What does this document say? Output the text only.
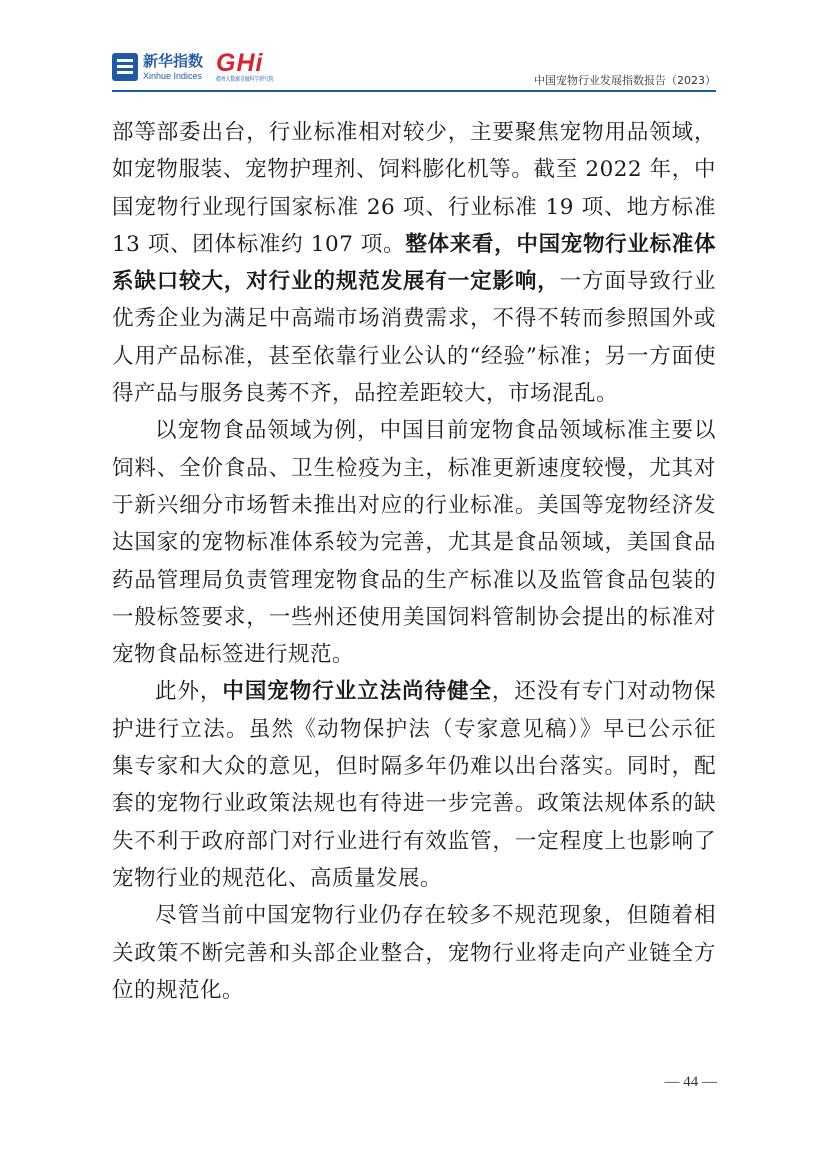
新华指数
Xinhue Indices GHi
赣州大数据金融科学研究院	中国宠物行业发展指数报告（2023）

部等部委出台，行业标准相对较少，主要聚焦宠物用品领域，如宠物服装、宠物护理剂、饲料膨化机等。截至 2022 年，中国宠物行业现行国家标准 26 项、行业标准 19 项、地方标准 13 项、团体标准约 107 项。整体来看，中国宠物行业标准体系缺口较大，对行业的规范发展有一定影响，一方面导致行业优秀企业为满足中高端市场消费需求，不得不转而参照国外或人用产品标准，甚至依靠行业公认的“经验”标准；另一方面使得产品与服务良莠不齐，品控差距较大，市场混乱。

以宠物食品领域为例，中国目前宠物食品领域标准主要以饲料、全价食品、卫生检疫为主，标准更新速度较慢，尤其对于新兴细分市场暂未推出对应的行业标准。美国等宠物经济发达国家的宠物标准体系较为完善，尤其是食品领域，美国食品药品管理局负责管理宠物食品的生产标准以及监管食品包装的一般标签要求，一些州还使用美国饲料管制协会提出的标准对宠物食品标签进行规范。

此外，中国宠物行业立法尚待健全，还没有专门对动物保护进行立法。虽然《动物保护法（专家意见稿）》早已公示征集专家和大众的意见，但时隔多年仍难以出台落实。同时，配套的宠物行业政策法规也有待进一步完善。政策法规体系的缺失不利于政府部门对行业进行有效监管，一定程度上也影响了宠物行业的规范化、高质量发展。

尽管当前中国宠物行业仍存在较多不规范现象，但随着相关政策不断完善和头部企业整合，宠物行业将走向产业链全方位的规范化。

— 44 —
